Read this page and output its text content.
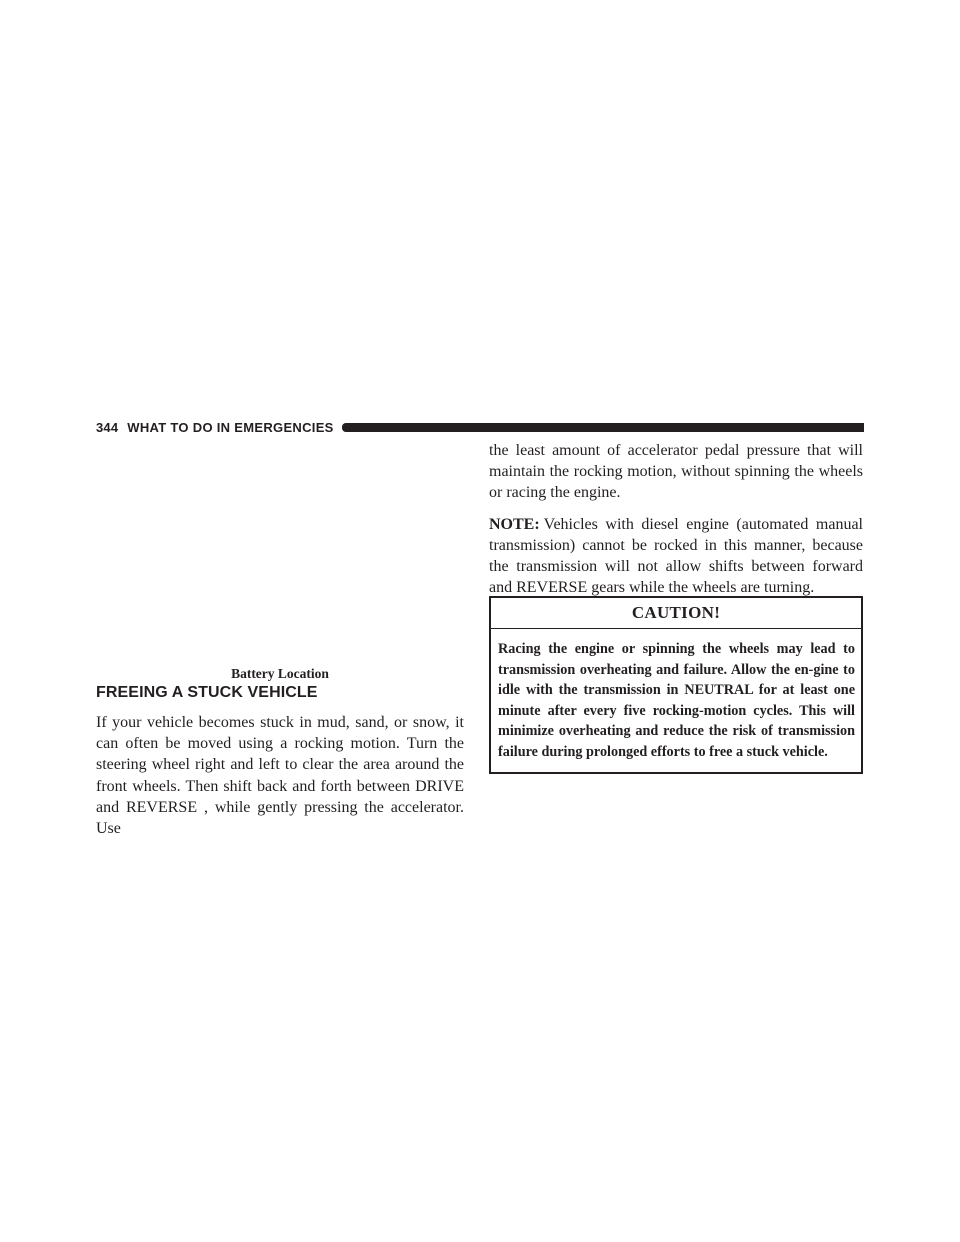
344 WHAT TO DO IN EMERGENCIES
Battery Location
FREEING A STUCK VEHICLE

If your vehicle becomes stuck in mud, sand, or snow, it can often be moved using a rocking motion. Turn the steering wheel right and left to clear the area around the front wheels. Then shift back and forth between DRIVE and REVERSE , while gently pressing the accelerator. Use

the least amount of accelerator pedal pressure that will maintain the rocking motion, without spinning the wheels or racing the engine.

NOTE: Vehicles with diesel engine (automated manual transmission) cannot be rocked in this manner, because the transmission will not allow shifts between forward and REVERSE gears while the wheels are turning.

CAUTION!
Racing the engine or spinning the wheels may lead to transmission overheating and failure. Allow the en-gine to idle with the transmission in NEUTRAL for at least one minute after every five rocking-motion cycles. This will minimize overheating and reduce the risk of transmission failure during prolonged efforts to free a stuck vehicle.
